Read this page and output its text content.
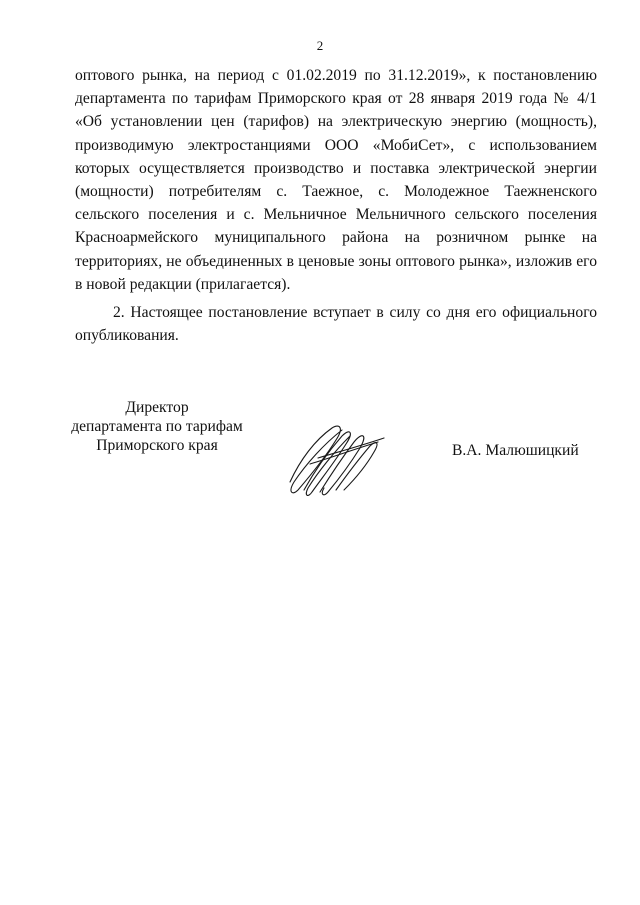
2

оптового рынка, на период с 01.02.2019 по 31.12.2019», к постановлению департамента по тарифам Приморского края от 28 января 2019 года № 4/1 «Об установлении цен (тарифов) на электрическую энергию (мощность), производимую электростанциями ООО «МобиСет», с использованием которых осуществляется производство и поставка электрической энергии (мощности) потребителям с. Таежное, с. Молодежное Таежненского сельского поселения и с. Мельничное Мельничного сельского поселения Красноармейского муниципального района на розничном рынке на территориях, не объединенных в ценовые зоны оптового рынка», изложив его в новой редакции (прилагается).

2. Настоящее постановление вступает в силу со дня его официального опубликования.

Директор
департамента по тарифам
Приморского края	В.А. Малюшицкий
